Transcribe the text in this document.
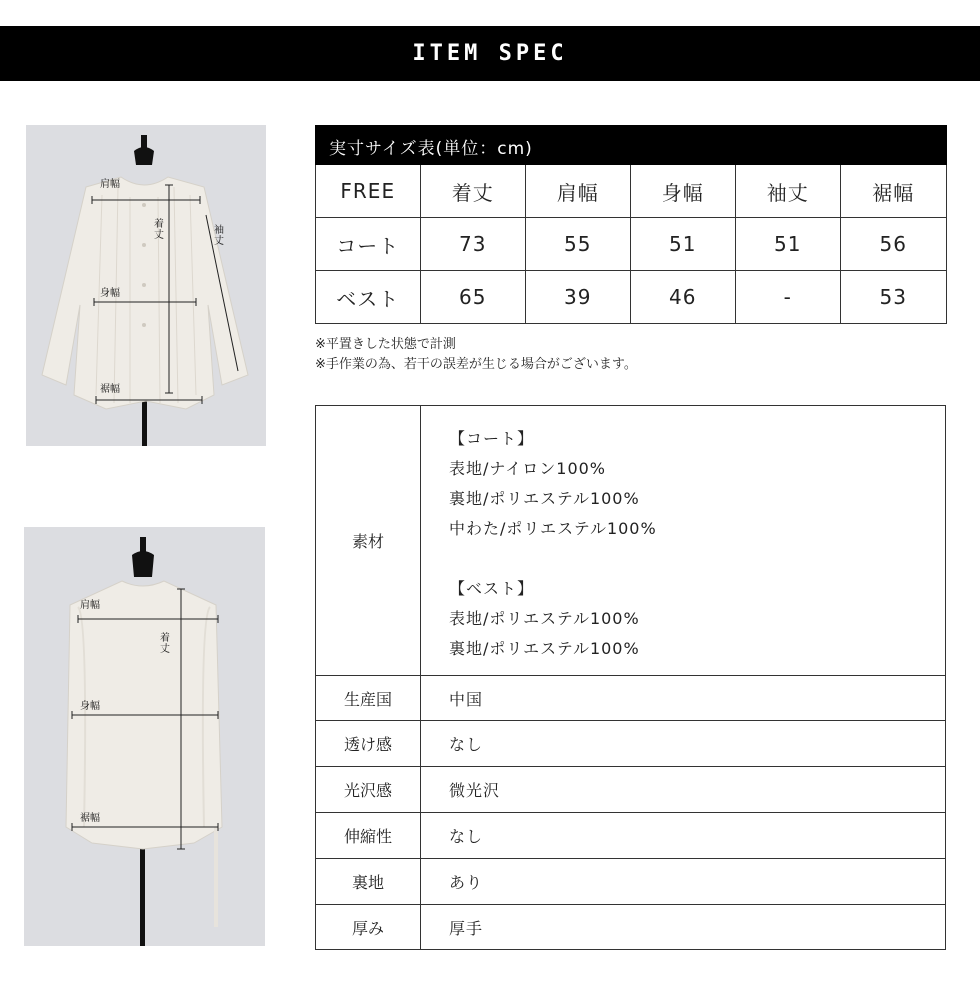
ITEM SPEC
肩幅
着丈	袖丈
身幅
裾幅
肩幅
着丈
身幅
裾幅
実寸サイズ表(単位：cm)
FREE	着丈	肩幅	身幅	袖丈	裾幅
コート	73	55	51	51	56
ベスト	65	39	46	-	53
※平置きした状態で計測
※手作業の為、若干の誤差が生じる場合がございます。
素材
【コート】
表地/ナイロン100%
裏地/ポリエステル100%
中わた/ポリエステル100%
【ベスト】
表地/ポリエステル100%
裏地/ポリエステル100%
生産国	中国
透け感	なし
光沢感	微光沢
伸縮性	なし
裏地	あり
厚み	厚手
